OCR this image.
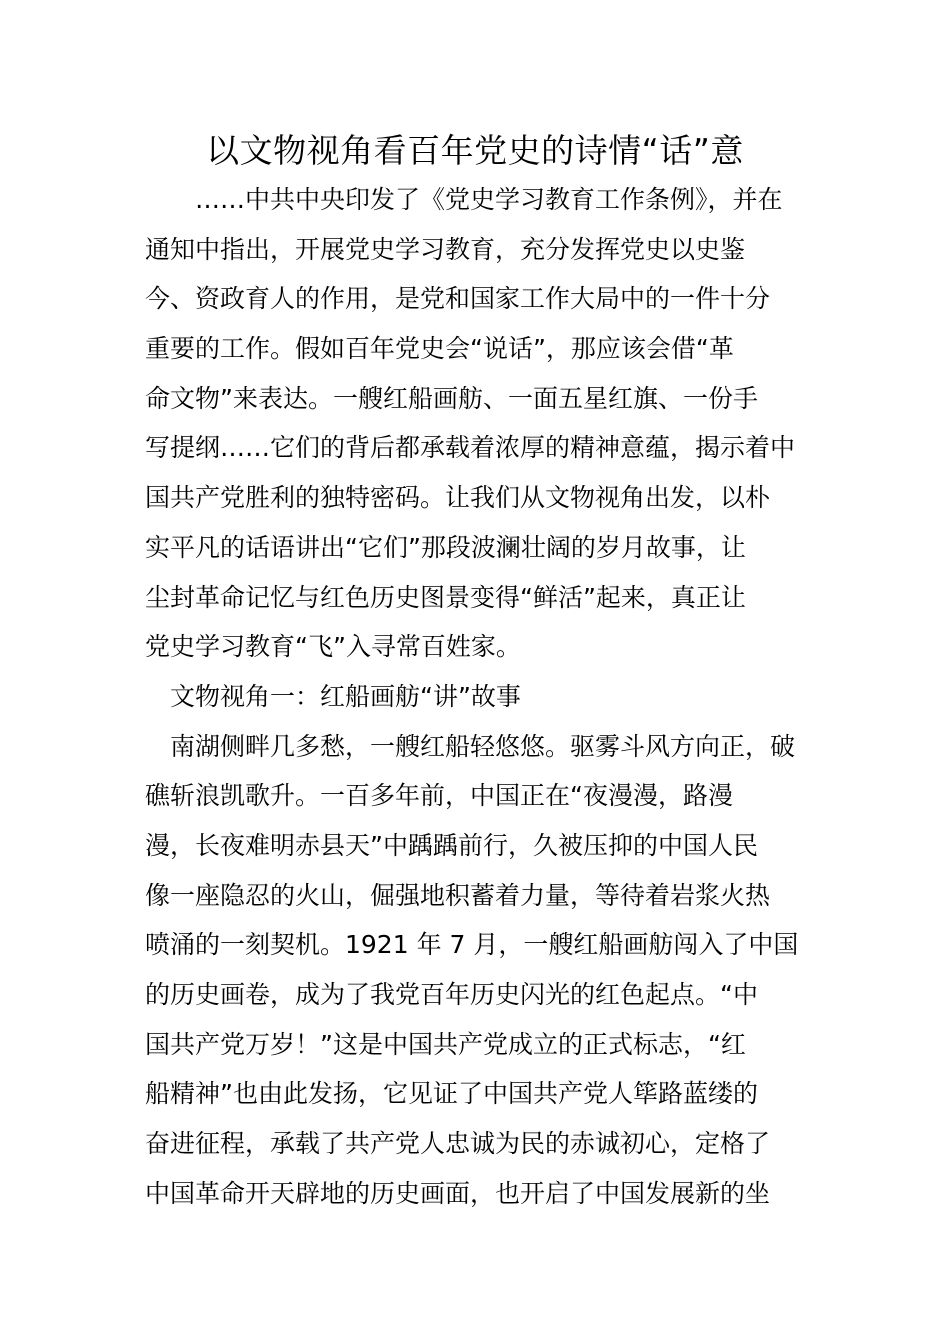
以文物视角看百年党史的诗情“话”意
……中共中央印发了《党史学习教育工作条例》，并在
通知中指出，开展党史学习教育，充分发挥党史以史鉴
今、资政育人的作用，是党和国家工作大局中的一件十分
重要的工作。假如百年党史会“说话”，那应该会借“革
命文物”来表达。一艘红船画舫、一面五星红旗、一份手
写提纲……它们的背后都承载着浓厚的精神意蕴，揭示着中
国共产党胜利的独特密码。让我们从文物视角出发，以朴
实平凡的话语讲出“它们”那段波澜壮阔的岁月故事，让
尘封革命记忆与红色历史图景变得“鲜活”起来，真正让
党史学习教育“飞”入寻常百姓家。
文物视角一：红船画舫“讲”故事
南湖侧畔几多愁，一艘红船轻悠悠。驱雾斗风方向正，破
礁斩浪凯歌升。一百多年前，中国正在“夜漫漫，路漫
漫，长夜难明赤县天”中踽踽前行，久被压抑的中国人民
像一座隐忍的火山，倔强地积蓄着力量，等待着岩浆火热
喷涌的一刻契机。1921 年 7 月，一艘红船画舫闯入了中国
的历史画卷，成为了我党百年历史闪光的红色起点。“中
国共产党万岁！”这是中国共产党成立的正式标志，“红
船精神”也由此发扬，它见证了中国共产党人筚路蓝缕的
奋进征程，承载了共产党人忠诚为民的赤诚初心，定格了
中国革命开天辟地的历史画面，也开启了中国发展新的坐
